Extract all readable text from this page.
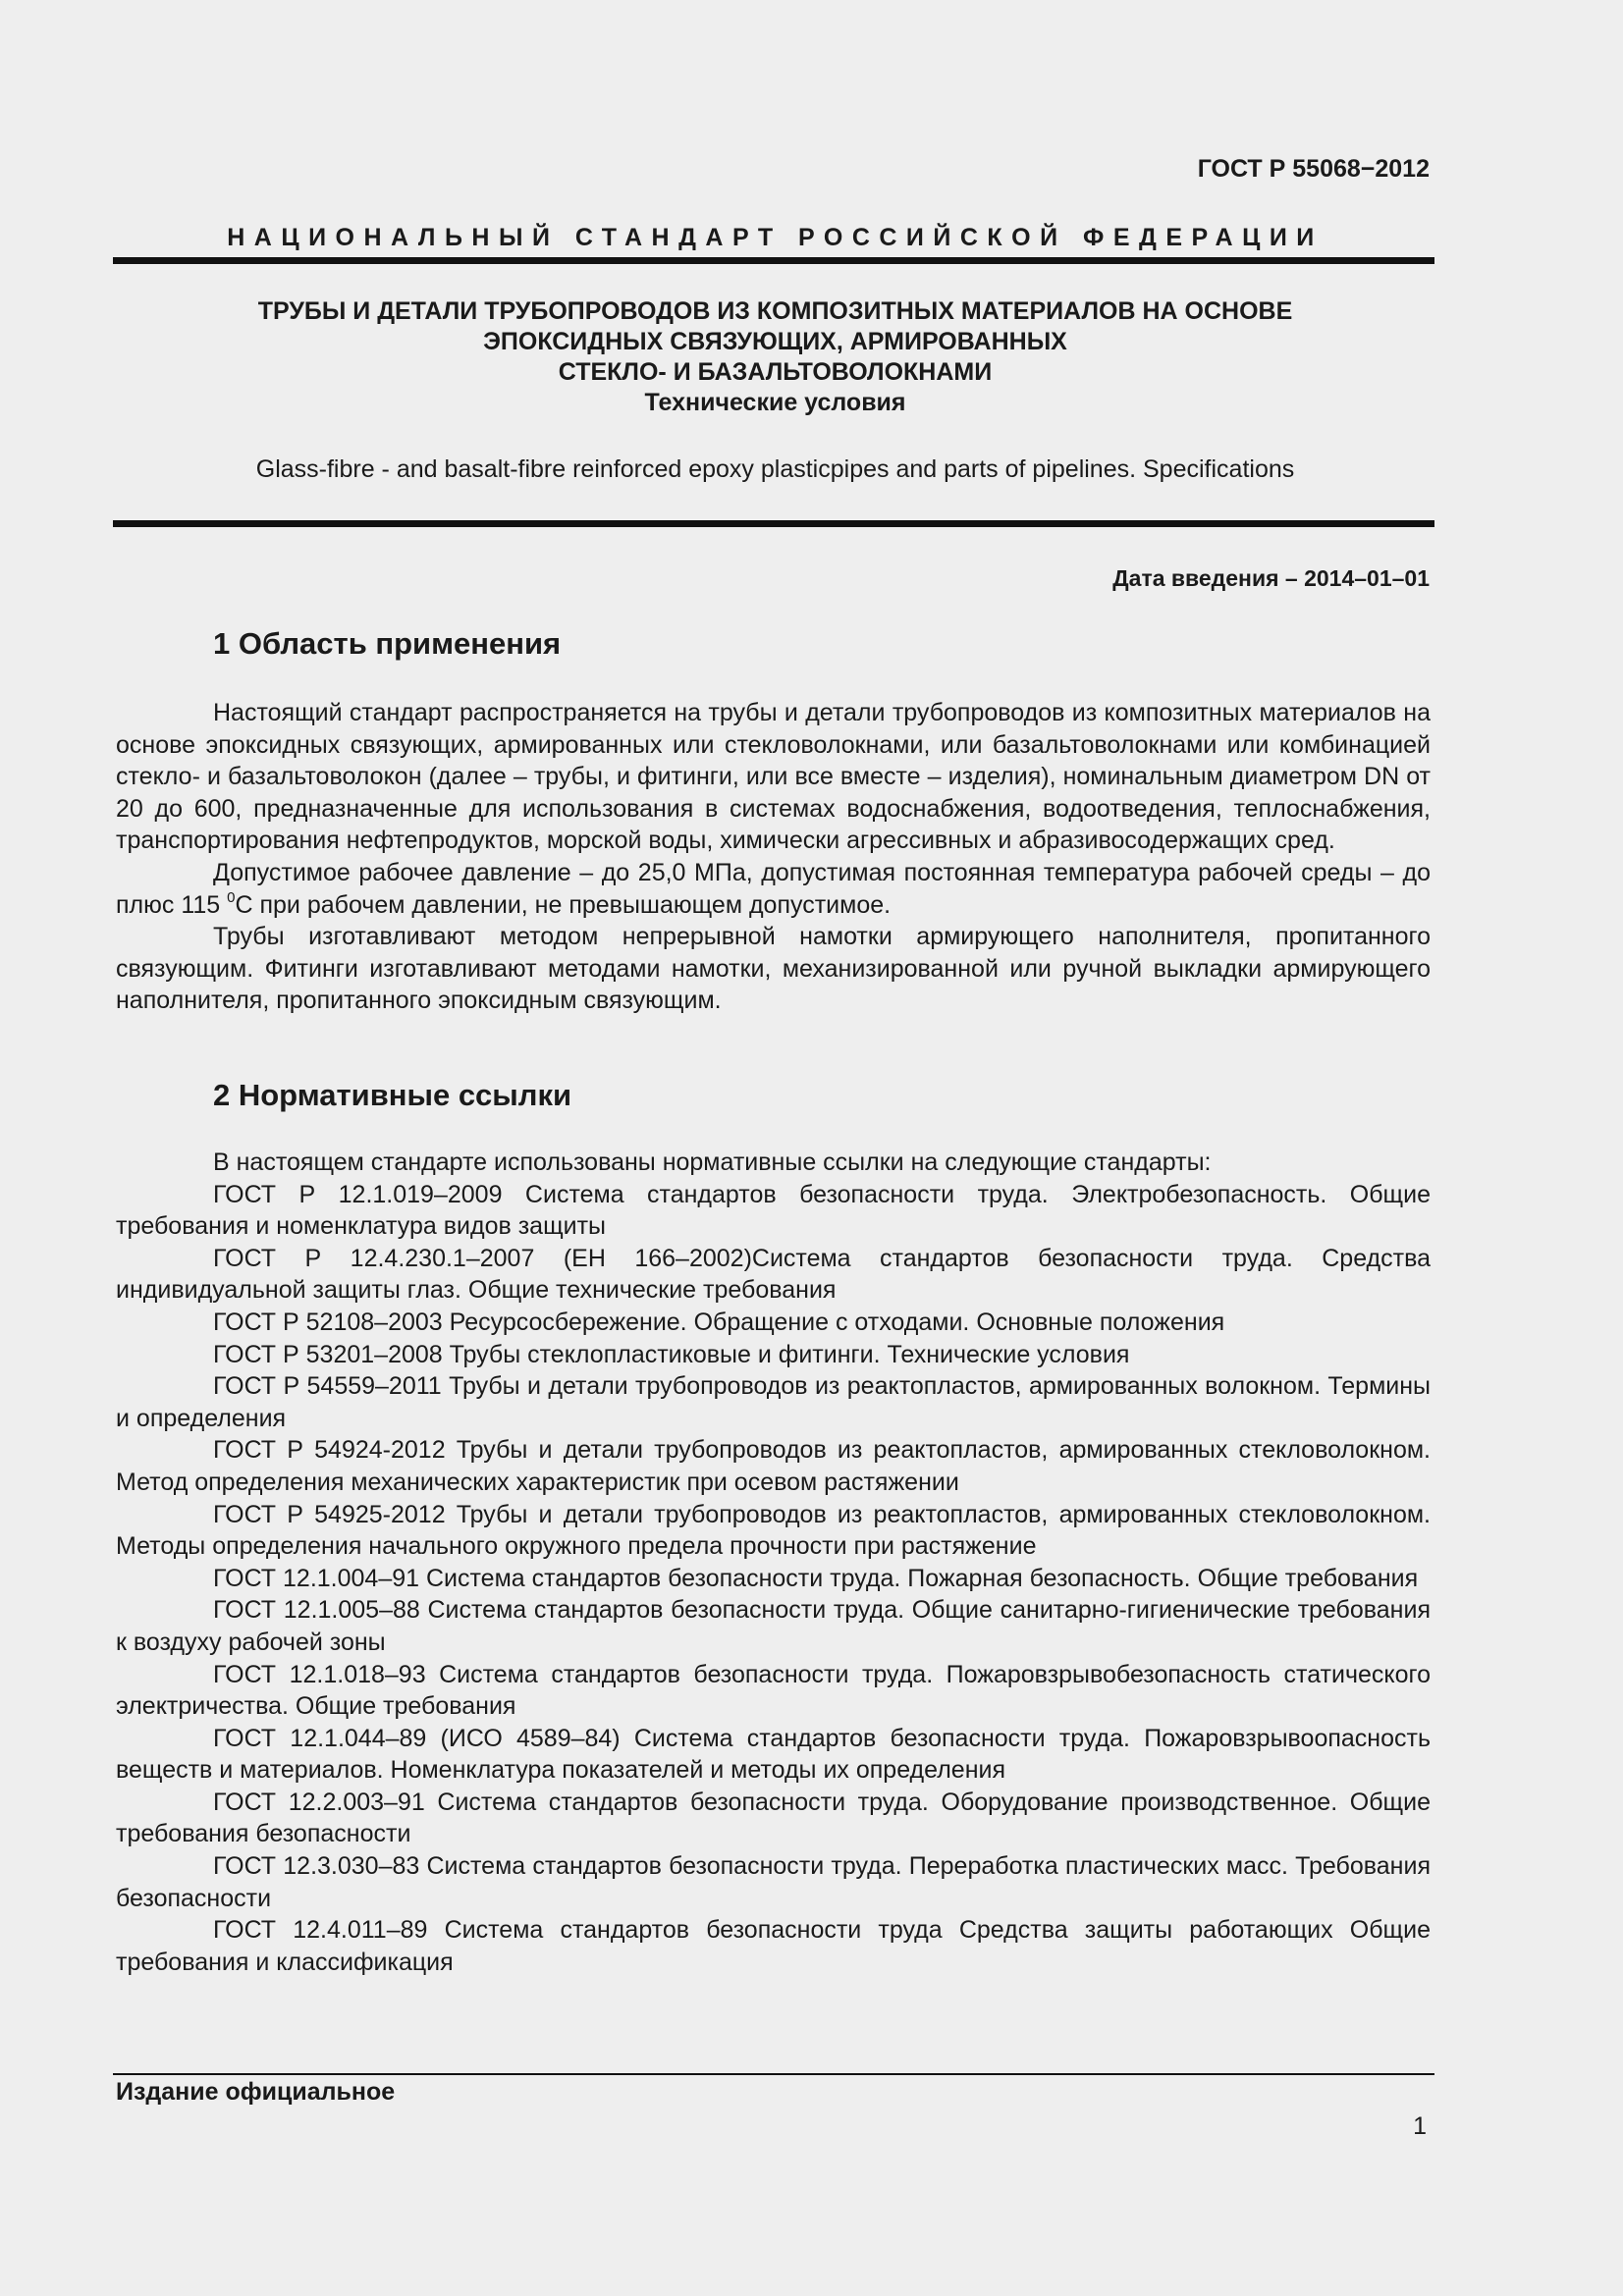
ГОСТ Р 55068−2012
НАЦИОНАЛЬНЫЙ СТАНДАРТ РОССИЙСКОЙ ФЕДЕРАЦИИ
ТРУБЫ И ДЕТАЛИ ТРУБОПРОВОДОВ ИЗ КОМПОЗИТНЫХ МАТЕРИАЛОВ НА ОСНОВЕ
ЭПОКСИДНЫХ СВЯЗУЮЩИХ, АРМИРОВАННЫХ
СТЕКЛО- И БАЗАЛЬТОВОЛОКНАМИ
Технические условия
Glass-fibre - and basalt-fibre reinforced epoxy plasticpipes and parts of pipelines. Specifications
Дата введения – 2014–01–01
1 Область применения

Настоящий стандарт распространяется на трубы и детали трубопроводов из композитных материалов на основе эпоксидных связующих, армированных или стекловолокнами, или базальтоволокнами или комбинацией стекло- и базальтоволокон (далее – трубы, и фитинги, или все вместе – изделия), номинальным диаметром DN от 20 до 600, предназначенные для использования в системах водоснабжения, водоотведения, теплоснабжения, транспортирования нефтепродуктов, морской воды, химически агрессивных и абразивосодержащих сред.

Допустимое рабочее давление – до 25,0 МПа, допустимая постоянная температура рабочей среды – до плюс 115 $^0$С при рабочем давлении, не превышающем допустимое.

Трубы изготавливают методом непрерывной намотки армирующего наполнителя, пропитанного связующим. Фитинги изготавливают методами намотки, механизированной или ручной выкладки армирующего наполнителя, пропитанного эпоксидным связующим.

2 Нормативные ссылки

В настоящем стандарте использованы нормативные ссылки на следующие стандарты:

ГОСТ Р 12.1.019–2009 Система стандартов безопасности труда. Электробезопасность. Общие требования и номенклатура видов защиты

ГОСТ Р 12.4.230.1–2007 (ЕН 166–2002)Система стандартов безопасности труда. Средства индивидуальной защиты глаз. Общие технические требования

ГОСТ Р 52108–2003 Ресурсосбережение. Обращение с отходами. Основные положения

ГОСТ Р 53201–2008 Трубы стеклопластиковые и фитинги. Технические условия

ГОСТ Р 54559–2011 Трубы и детали трубопроводов из реактопластов, армированных волокном. Термины и определения

ГОСТ Р 54924-2012 Трубы и детали трубопроводов из реактопластов, армированных стекловолокном. Метод определения механических характеристик при осевом растяжении

ГОСТ Р 54925-2012 Трубы и детали трубопроводов из реактопластов, армированных стекловолокном. Методы определения начального окружного предела прочности при растяжение

ГОСТ 12.1.004–91 Система стандартов безопасности труда. Пожарная безопасность. Общие требования

ГОСТ 12.1.005–88 Система стандартов безопасности труда. Общие санитарно-гигиенические требования к воздуху рабочей зоны

ГОСТ 12.1.018–93 Система стандартов безопасности труда. Пожаровзрывобезопасность статического электричества. Общие требования

ГОСТ 12.1.044–89 (ИСО 4589–84) Система стандартов безопасности труда. Пожаровзрывоопасность веществ и материалов. Номенклатура показателей и методы их определения

ГОСТ 12.2.003–91 Система стандартов безопасности труда. Оборудование производственное. Общие требования безопасности

ГОСТ 12.3.030–83 Система стандартов безопасности труда. Переработка пластических масс. Требования безопасности

ГОСТ 12.4.011–89 Система стандартов безопасности труда Средства защиты работающих Общие требования и классификация

Издание официальное
1
